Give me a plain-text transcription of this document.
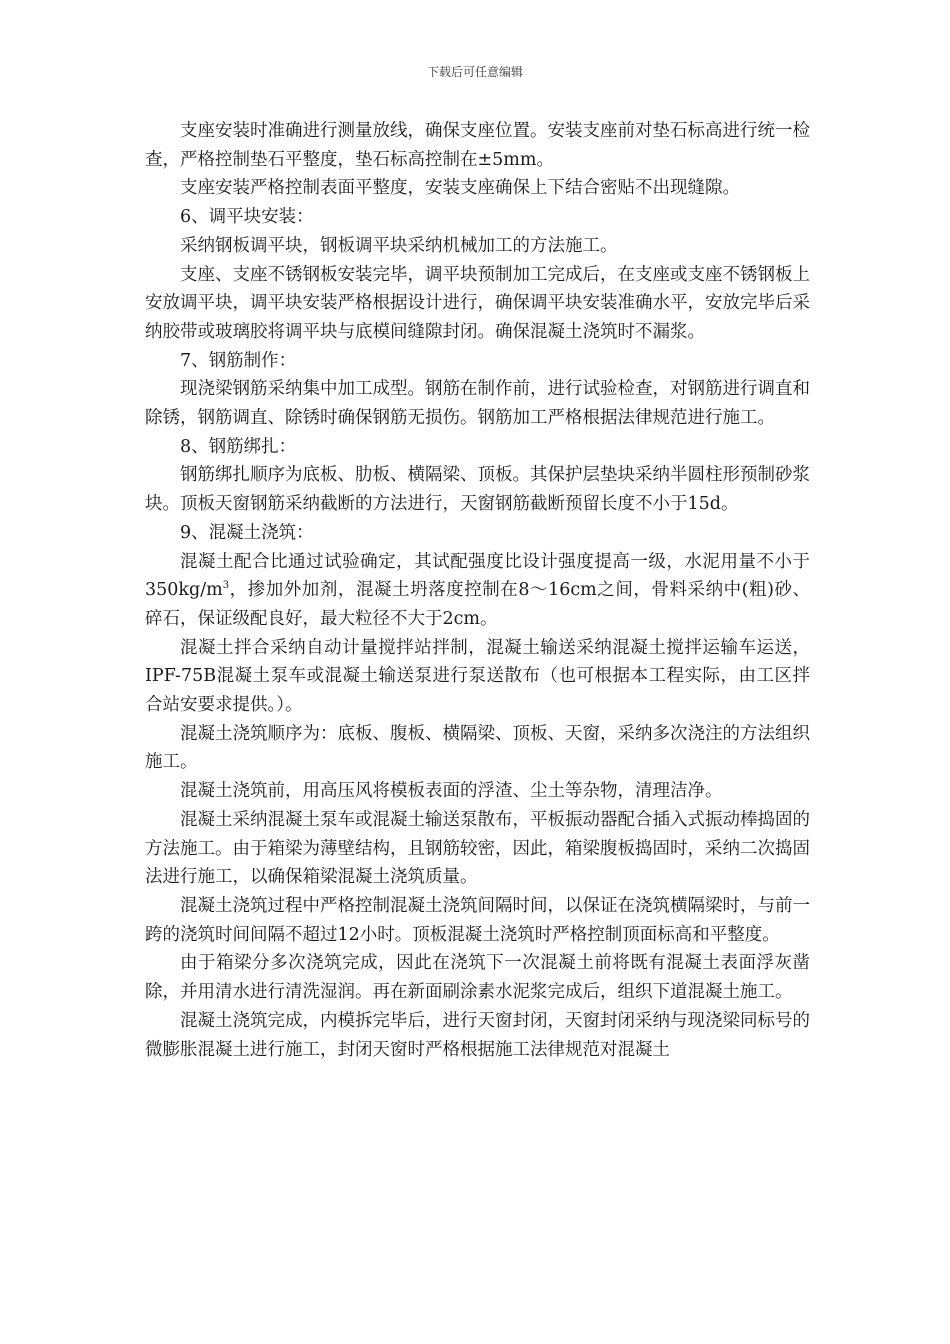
下载后可任意编辑

支座安装时准确进行测量放线，确保支座位置。安装支座前对垫石标高进行统一检查，严格控制垫石平整度，垫石标高控制在±5mm。

支座安装严格控制表面平整度，安装支座确保上下结合密贴不出现缝隙。

6、调平块安装：

采纳钢板调平块，钢板调平块采纳机械加工的方法施工。

支座、支座不锈钢板安装完毕，调平块预制加工完成后，在支座或支座不锈钢板上安放调平块，调平块安装严格根据设计进行，确保调平块安装准确水平，安放完毕后采纳胶带或玻璃胶将调平块与底模间缝隙封闭。确保混凝土浇筑时不漏浆。

7、钢筋制作：

现浇梁钢筋采纳集中加工成型。钢筋在制作前，进行试验检查，对钢筋进行调直和除锈，钢筋调直、除锈时确保钢筋无损伤。钢筋加工严格根据法律规范进行施工。

8、钢筋绑扎：

钢筋绑扎顺序为底板、肋板、横隔梁、顶板。其保护层垫块采纳半圆柱形预制砂浆块。顶板天窗钢筋采纳截断的方法进行，天窗钢筋截断预留长度不小于15d。

9、混凝土浇筑：

混凝土配合比通过试验确定，其试配强度比设计强度提高一级，水泥用量不小于$350kg/m^3$，掺加外加剂，混凝土坍落度控制在8～16cm之间，骨料采纳中(粗)砂、碎石，保证级配良好，最大粒径不大于2cm。

混凝土拌合采纳自动计量搅拌站拌制，混凝土输送采纳混凝土搅拌运输车运送，IPF-75B混凝土泵车或混凝土输送泵进行泵送散布（也可根据本工程实际，由工区拌合站安要求提供。）。

混凝土浇筑顺序为：底板、腹板、横隔梁、顶板、天窗，采纳多次浇注的方法组织施工。

混凝土浇筑前，用高压风将模板表面的浮渣、尘土等杂物，清理洁净。

混凝土采纳混凝土泵车或混凝土输送泵散布，平板振动器配合插入式振动棒捣固的方法施工。由于箱梁为薄壁结构，且钢筋较密，因此，箱梁腹板捣固时，采纳二次捣固法进行施工，以确保箱梁混凝土浇筑质量。

混凝土浇筑过程中严格控制混凝土浇筑间隔时间，以保证在浇筑横隔梁时，与前一跨的浇筑时间间隔不超过12小时。顶板混凝土浇筑时严格控制顶面标高和平整度。

由于箱梁分多次浇筑完成，因此在浇筑下一次混凝土前将既有混凝土表面浮灰凿除，并用清水进行清洗湿润。再在新面刷涂素水泥浆完成后，组织下道混凝土施工。

混凝土浇筑完成，内模拆完毕后，进行天窗封闭，天窗封闭采纳与现浇梁同标号的微膨胀混凝土进行施工，封闭天窗时严格根据施工法律规范对混凝土
